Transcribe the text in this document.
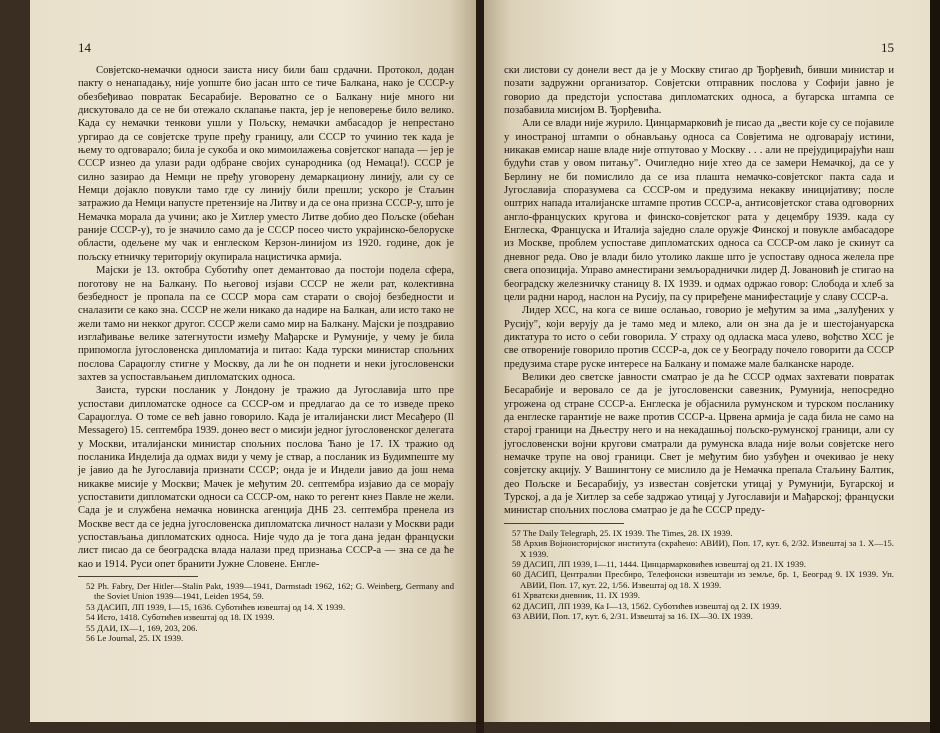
14

Совјетско-немачки односи заиста нису били баш срдачни. Протокол, додан пакту о ненападању, није уопште био јасан што се тиче Балкана, нако је СССР-у обезбеђивао повратак Бесарабије. Вероватно се о Балкану није много ни дискутовало да се не би отежало склапање пакта, јер је неповерење било велико. Када су немачки тенкови ушли у Пољску, немачки амбасадор је непрестано ургирао да се совјетске трупе пређу границу, али СССР то учинио тек када је њему то одговарало; била је сукоба и око мимоилажења совјетског напада — јер је СССР изнео да улази ради одбране својих сународника (од Немаца!). СССР је силно зазирао да Немци не пређу уговорену демаркациону линију, али су се Немци дојакло повукли тамо где су линију били прешли; ускоро је Стаљин затражио да Немци напусте претензије на Литву и да се она призна СССР-у, што је Немачка морала да учини; ако је Хитлер уместо Литве добио део Пољске (обећан раније СССР-у), то је значило само да је СССР посео чисто украјинско-белоруске области, одељене му чак и енглеском Керзон-линијом из 1920. године, док је пољску етничку територију окупирала нацистичка армија.

Мајски је 13. октобра Суботићу опет демантовао да постоји подела сфера, поготову не на Балкану. По његовој изјави СССР не жели рат, колективна безбедност је пропала па се СССР мора сам старати о својој безбедности и сналазити се како зна. СССР не жели никако да надире на Балкан, али исто тако не жели тамо ни некког другог. СССР жели само мир на Балкану. Мајски је поздравио изглађивање велике затегнутости између Мађарске и Румуније, у чему је била припомогла југословенска дипломатија и питао: Када турски министар спољних послова Сараџоглу стигне у Москву, да ли ће он поднети и неки југословенски захтев за успостављањем дипломатских односа.

Заиста, турски посланик у Лондону је тражио да Југославија што пре успостави дипломатске односе са СССР-ом и предлагао да се то изведе преко Сараџоглуа. О томе се већ јавно говорило. Када је италијански лист Месађеро (Il Messagero) 15. септембра 1939. донео вест о мисији једног југословенског делегата у Москви, италијански министар спољних послова Ћано је 17. IX тражио од посланика Инделија да одмах види у чему је ствар, а посланик из Будимпеште му је јавио да ће Југославија признати СССР; онда је и Индели јавио да још нема никакве мисије у Москви; Мачек је међутим 20. септембра изјавио да се мораjу успоставити дипломатски односи са СССР-ом, нако то регент кнез Павле не жели. Сада је и службена немачка новинска агенција ДНБ 23. септембра пренела из Москве вест да се једна југословенска дипломатска личност налази у Москви ради успостављања дипломатских односа. Није чудо да је тога дана један француски лист писао да се београдска влада налази пред признања СССР-а — зна се да ће као и 1914. Руси опет бранити Јужне Словене. Енгле-

52 Ph. Fabry, Der Hitler—Stalin Pakt, 1939—1941, Darmstadt 1962, 162; G. Weinberg, Germany and the Soviet Union 1939—1941, Leiden 1954, 59.
53 ДАСИП, ЛП 1939, I—15, 1636. Суботићев извештај од 14. X 1939.
54 Исто, 1418. Суботићев извештај од 18. IX 1939.
55 ДАИ, IX—1, 169, 203, 206.
56 Le Journal, 25. IX 1939.
15

ски листови су донели вест да је у Москву стигао др Ђорђевић, бивши министар и позати задружни организатор. Совјетски отправник пословa у Софији јавно је говорио да предстоји успостава дипломатских односа, а бугарска штампа се позабавила мисијом В. Ђорђевића.

Али се влади није журило. Цинцармарковић је писао да „вести које су се појавиле у иностраној штампи о обнављању односа са Совјетима не одговарају истини, никакав емисар наше владе није отпутовао у Москву . . . али не прејудицирајући наш будући став у овом питању". Очигледно није хтео да се замери Немачкој, да се у Берлину не би помислило да се иза плашта немачко-совјетског пакта сада и Југославија споразумева са СССР-ом и предузима некакву иницијативу; после оштрих напада италијанске штампе против СССР-а, антисовјетског става одговорних англо-француских кругова и финско-совјетског рата у децембру 1939. када су Енглеска, Француска и Италија заједно слале оружје Финској и повукле амбасадоре из Москве, проблем успоставе дипломатских односа са СССР-ом лако је скинут са дневног реда. Ово је влади било утолико лакше што је успоставу односа желела пре свега опозиција. Управо амнестирани земљораднички лидер Д. Јовановић је стигао на београдску железничку станицу 8. IX 1939. и одмах одржао говор: Слобода и хлеб за цели радни народ, наслон на Русију, па су приређене манифестације у славу СССР-а.

Лидер ХСС, на кога се више ослањао, говорио је међутим за има „залуђених у Русију", који верују да је тамо мед и млеко, али он зна да је и шестојануарска диктатура то исто о себи говорила. У страху од одласка маса улево, вођство ХСС је све отвореније говорило против СССР-а, док се у Београду почело говорити да СССР предузима старе руске интересе на Балкану и помаже мале балканске народе.

Велики део светске јавности сматрао је да ће СССР одмах захтевати повратак Бесарабије и веровало се да је југословенски савезник, Румунија, непосредно угрожена од стране СССР-а. Енглеска је објаснила румунском и турском посланику да енглеске гарантије не важе против СССР-а. Црвена армија је сада била не само на старој граници на Дњестру него и на некадашњој пољско-румунској граници, али су југословенски војни кругови сматрали да румунска влада није вољи совјетске него немачке трупе на овој граници. Свет је међутим био узбуђен и очекивао је неку совјетску акцију. У Вашингтону се мислило да је Немачка препала Стаљину Балтик, део Пољске и Бесарабију, уз известан совјетски утицај у Румунији, Бугарској и Турској, а да је Хитлер за себе задржао утицај у Југославији и Мађарској; француски министар спољних послова сматрао је да ће СССР преду-

57 The Daily Telegraph, 25. IX 1939. The Times, 28. IX 1939.
58 Архив Војноисторијског института (скраћено: АВИИ), Поп. 17, кут. 6, 2/32. Извештај за 1. X—15. X 1939.
59 ДАСИП, ЛП 1939, I—11, 1444. Цинцармарковићев извештај од 21. IX 1939.
60 ДАСИП, Централни Пресбиро, Телефонски извештаји из земље, бр. 1, Београд 9. IX 1939. Уп. АВИИ, Поп. 17, кут. 22, 1/56. Извештај од 18. X 1939.
61 Хрватски дневник, 11. IX 1939.
62 ДАСИП, ЛП 1939, Ка I—13, 1562. Суботићев извештај од 2. IX 1939.
63 АВИИ, Поп. 17, кут. 6, 2/31. Извештај за 16. IX—30. IX 1939.
